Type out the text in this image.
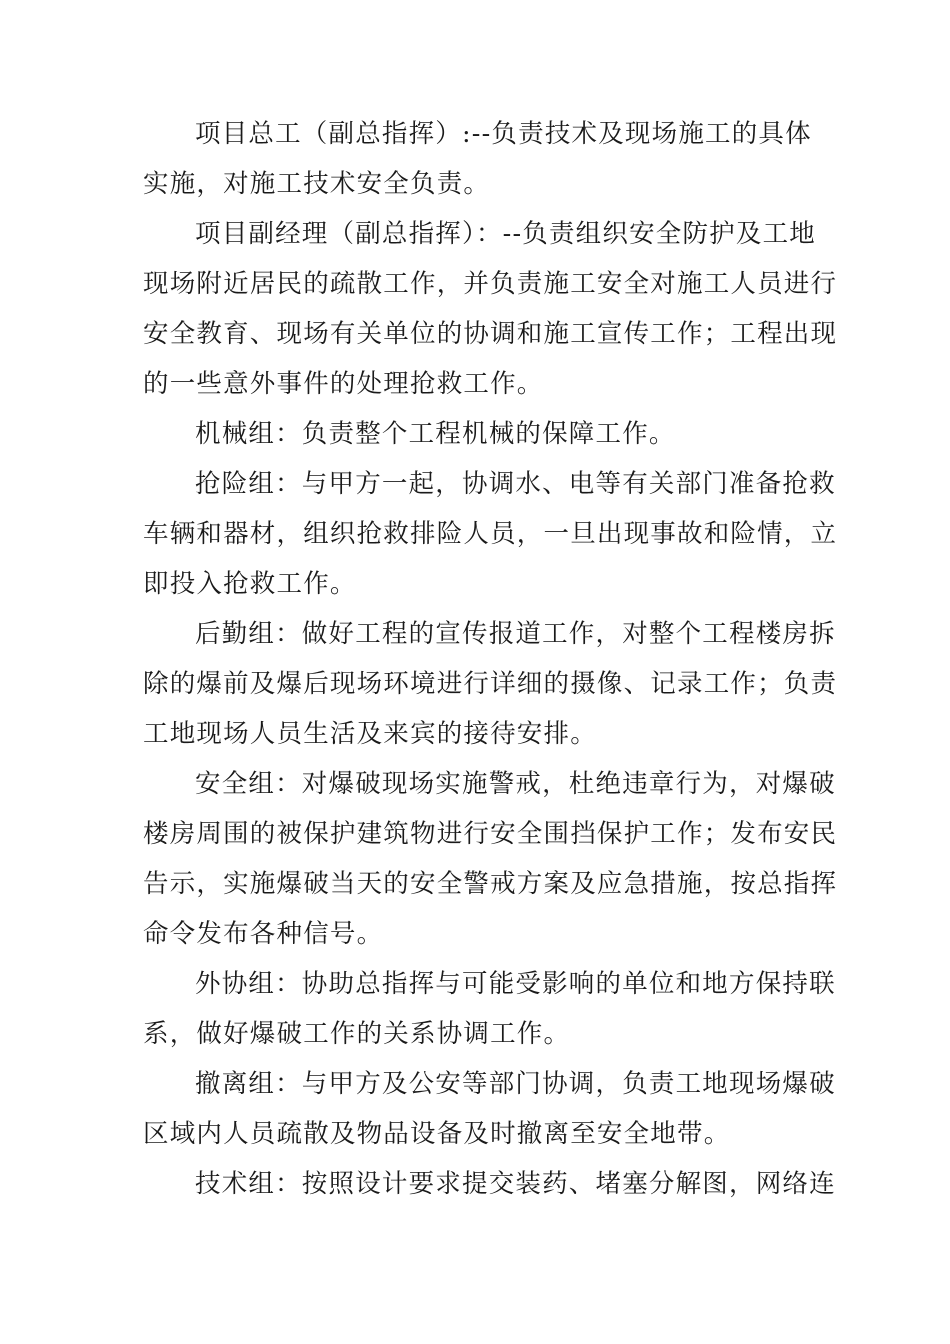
项目总工（副总指挥）:--负责技术及现场施工的具体
实施，对施工技术安全负责。
项目副经理（副总指挥）：--负责组织安全防护及工地
现场附近居民的疏散工作，并负责施工安全对施工人员进行
安全教育、现场有关单位的协调和施工宣传工作；工程出现
的一些意外事件的处理抢救工作。
机械组：负责整个工程机械的保障工作。
抢险组：与甲方一起，协调水、电等有关部门准备抢救
车辆和器材，组织抢救排险人员，一旦出现事故和险情，立
即投入抢救工作。
后勤组：做好工程的宣传报道工作，对整个工程楼房拆
除的爆前及爆后现场环境进行详细的摄像、记录工作；负责
工地现场人员生活及来宾的接待安排。
安全组：对爆破现场实施警戒，杜绝违章行为，对爆破
楼房周围的被保护建筑物进行安全围挡保护工作；发布安民
告示，实施爆破当天的安全警戒方案及应急措施，按总指挥
命令发布各种信号。
外协组：协助总指挥与可能受影响的单位和地方保持联
系，做好爆破工作的关系协调工作。
撤离组：与甲方及公安等部门协调，负责工地现场爆破
区域内人员疏散及物品设备及时撤离至安全地带。
技术组：按照设计要求提交装药、堵塞分解图，网络连
